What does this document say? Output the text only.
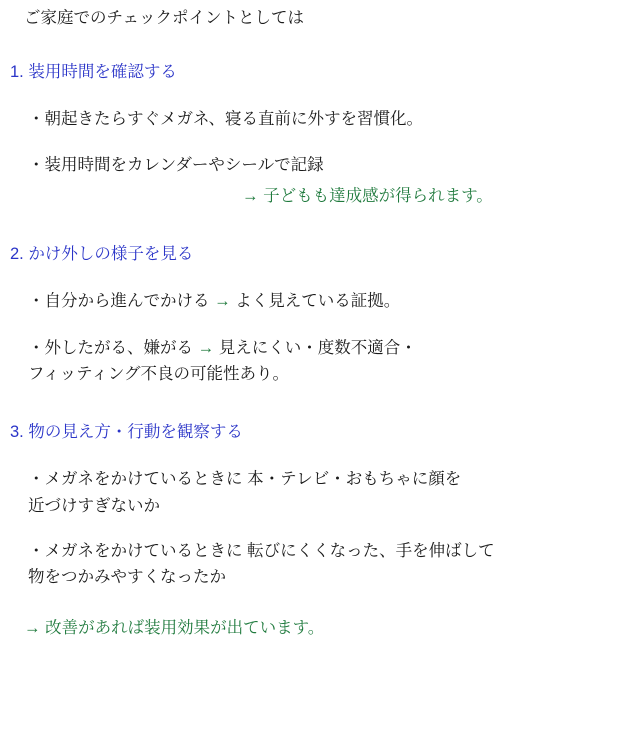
ご家庭でのチェックポイントとしては
1. 装用時間を確認する
・朝起きたらすぐメガネ、寝る直前に外すを習慣化。
・装用時間をカレンダーやシールで記録
→ 子どもも達成感が得られます。
2. かけ外しの様子を見る
・自分から進んでかける → よく見えている証拠。
・外したがる、嫌がる → 見えにくい・度数不適合・
フィッティング不良の可能性あり。
3. 物の見え方・行動を観察する
・メガネをかけているときに 本・テレビ・おもちゃに顔を
近づけすぎないか
・メガネをかけているときに 転びにくくなった、手を伸ばして
物をつかみやすくなったか
→ 改善があれば装用効果が出ています。
